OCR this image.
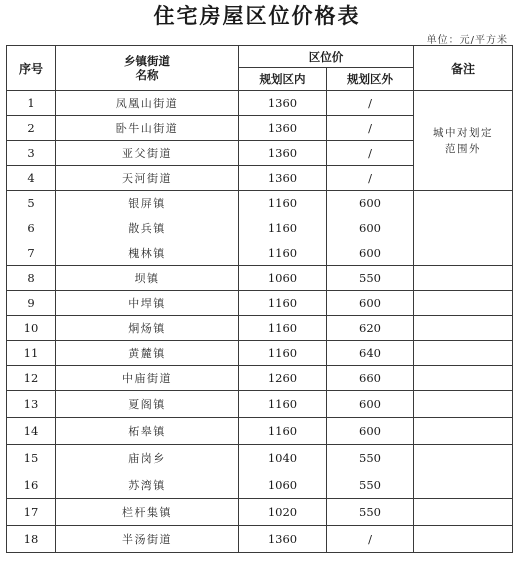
住宅房屋区位价格表
单位：元/平方米
序号	乡镇街道
名称	区位价		备注
		规划区内	规划区外	
1	凤凰山街道	1360	/	城中对划定
范围外
2	卧牛山街道	1360	/	
3	亚父街道	1360	/	
4	天河街道	1360	/	
5	银屏镇	1160	600	
6	散兵镇	1160	600	
7	槐林镇	1160	600	
8	坝镇	1060	550	
9	中垾镇	1160	600	
10	烔炀镇	1160	620	
11	黄麓镇	1160	640	
12	中庙街道	1260	660	
13	夏阁镇	1160	600	
14	柘皋镇	1160	600	
15	庙岗乡	1040	550	
16	苏湾镇	1060	550	
17	栏杆集镇	1020	550	
18	半汤街道	1360	/	
